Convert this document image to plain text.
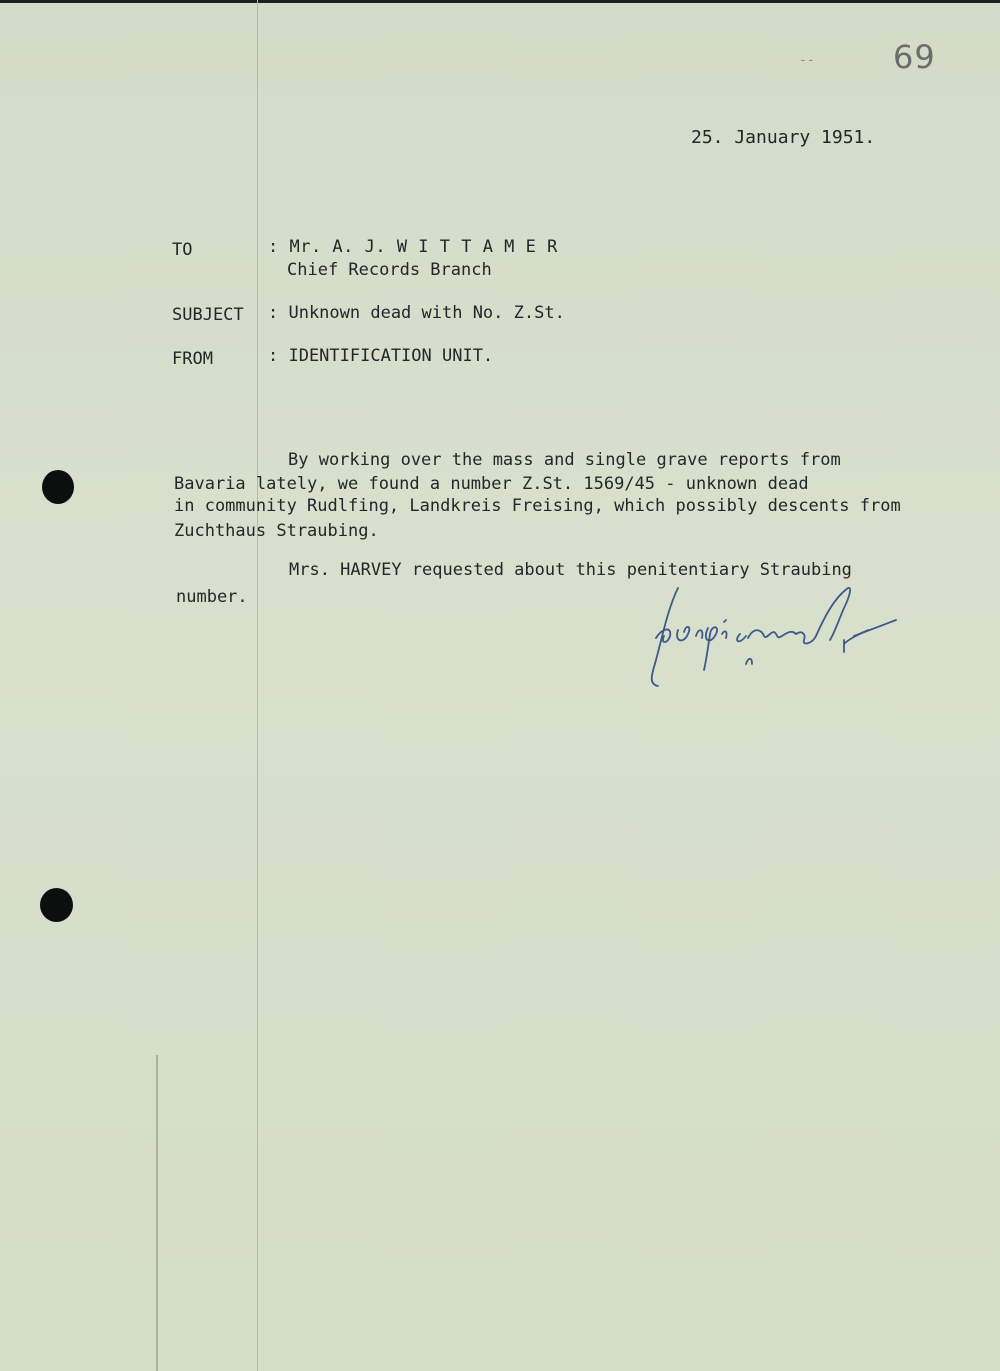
-- 69
25. January 1951.
TO	: Mr. A. J. W I T T A M E R
Chief Records Branch
SUBJECT : Unknown dead with No. Z.St.
FROM	: IDENTIFICATION UNIT.
By working over the mass and single grave reports from
Bavaria lately, we found a number Z.St. 1569/45 - unknown dead
in community Rudlfing, Landkreis Freising, which possibly descents from
Zuchthaus Straubing.
Mrs. HARVEY requested about this penitentiary Straubing
number.
